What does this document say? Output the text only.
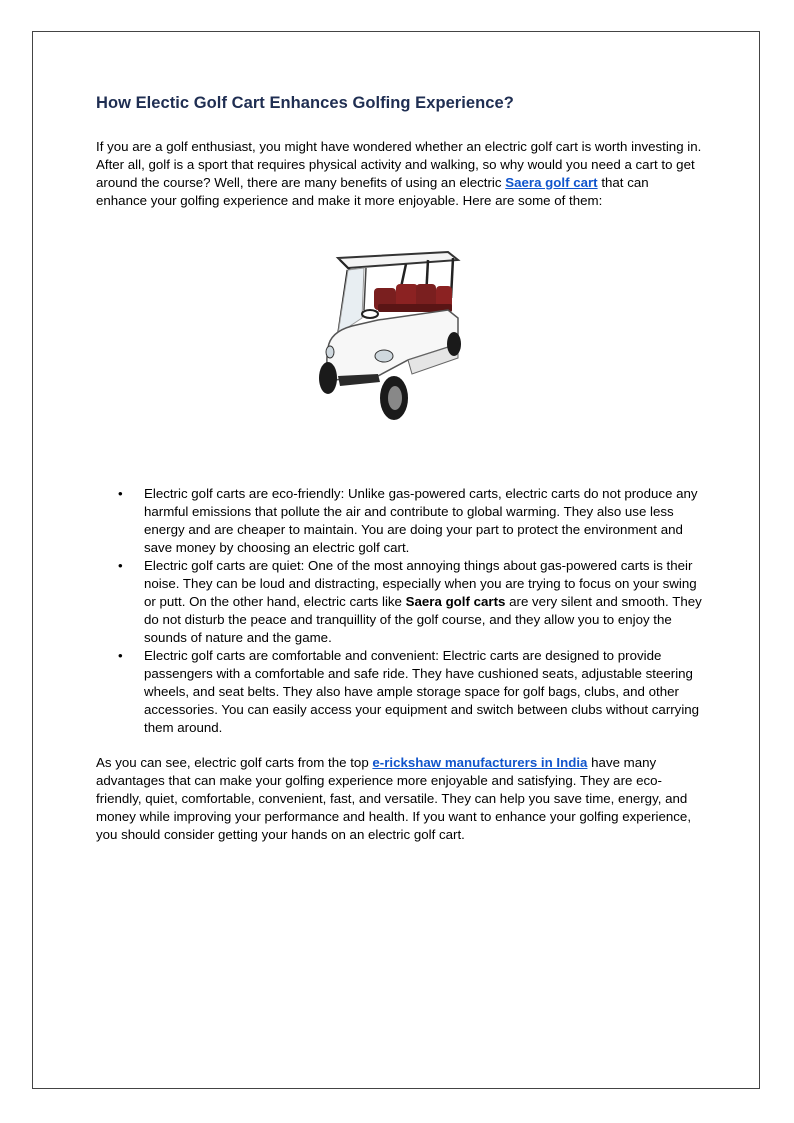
How Electic Golf Cart Enhances Golfing Experience?

If you are a golf enthusiast, you might have wondered whether an electric golf cart is worth investing in. After all, golf is a sport that requires physical activity and walking, so why would you need a cart to get around the course? Well, there are many benefits of using an electric Saera golf cart that can enhance your golfing experience and make it more enjoyable. Here are some of them:

• Electric golf carts are eco-friendly: Unlike gas-powered carts, electric carts do not produce any harmful emissions that pollute the air and contribute to global warming. They also use less energy and are cheaper to maintain. You are doing your part to protect the environment and save money by choosing an electric golf cart.
• Electric golf carts are quiet: One of the most annoying things about gas-powered carts is their noise. They can be loud and distracting, especially when you are trying to focus on your swing or putt. On the other hand, electric carts like Saera golf carts are very silent and smooth. They do not disturb the peace and tranquillity of the golf course, and they allow you to enjoy the sounds of nature and the game.
• Electric golf carts are comfortable and convenient: Electric carts are designed to provide passengers with a comfortable and safe ride. They have cushioned seats, adjustable steering wheels, and seat belts. They also have ample storage space for golf bags, clubs, and other accessories. You can easily access your equipment and switch between clubs without carrying them around.

As you can see, electric golf carts from the top e-rickshaw manufacturers in India have many advantages that can make your golfing experience more enjoyable and satisfying. They are eco-friendly, quiet, comfortable, convenient, fast, and versatile. They can help you save time, energy, and money while improving your performance and health. If you want to enhance your golfing experience, you should consider getting your hands on an electric golf cart.
